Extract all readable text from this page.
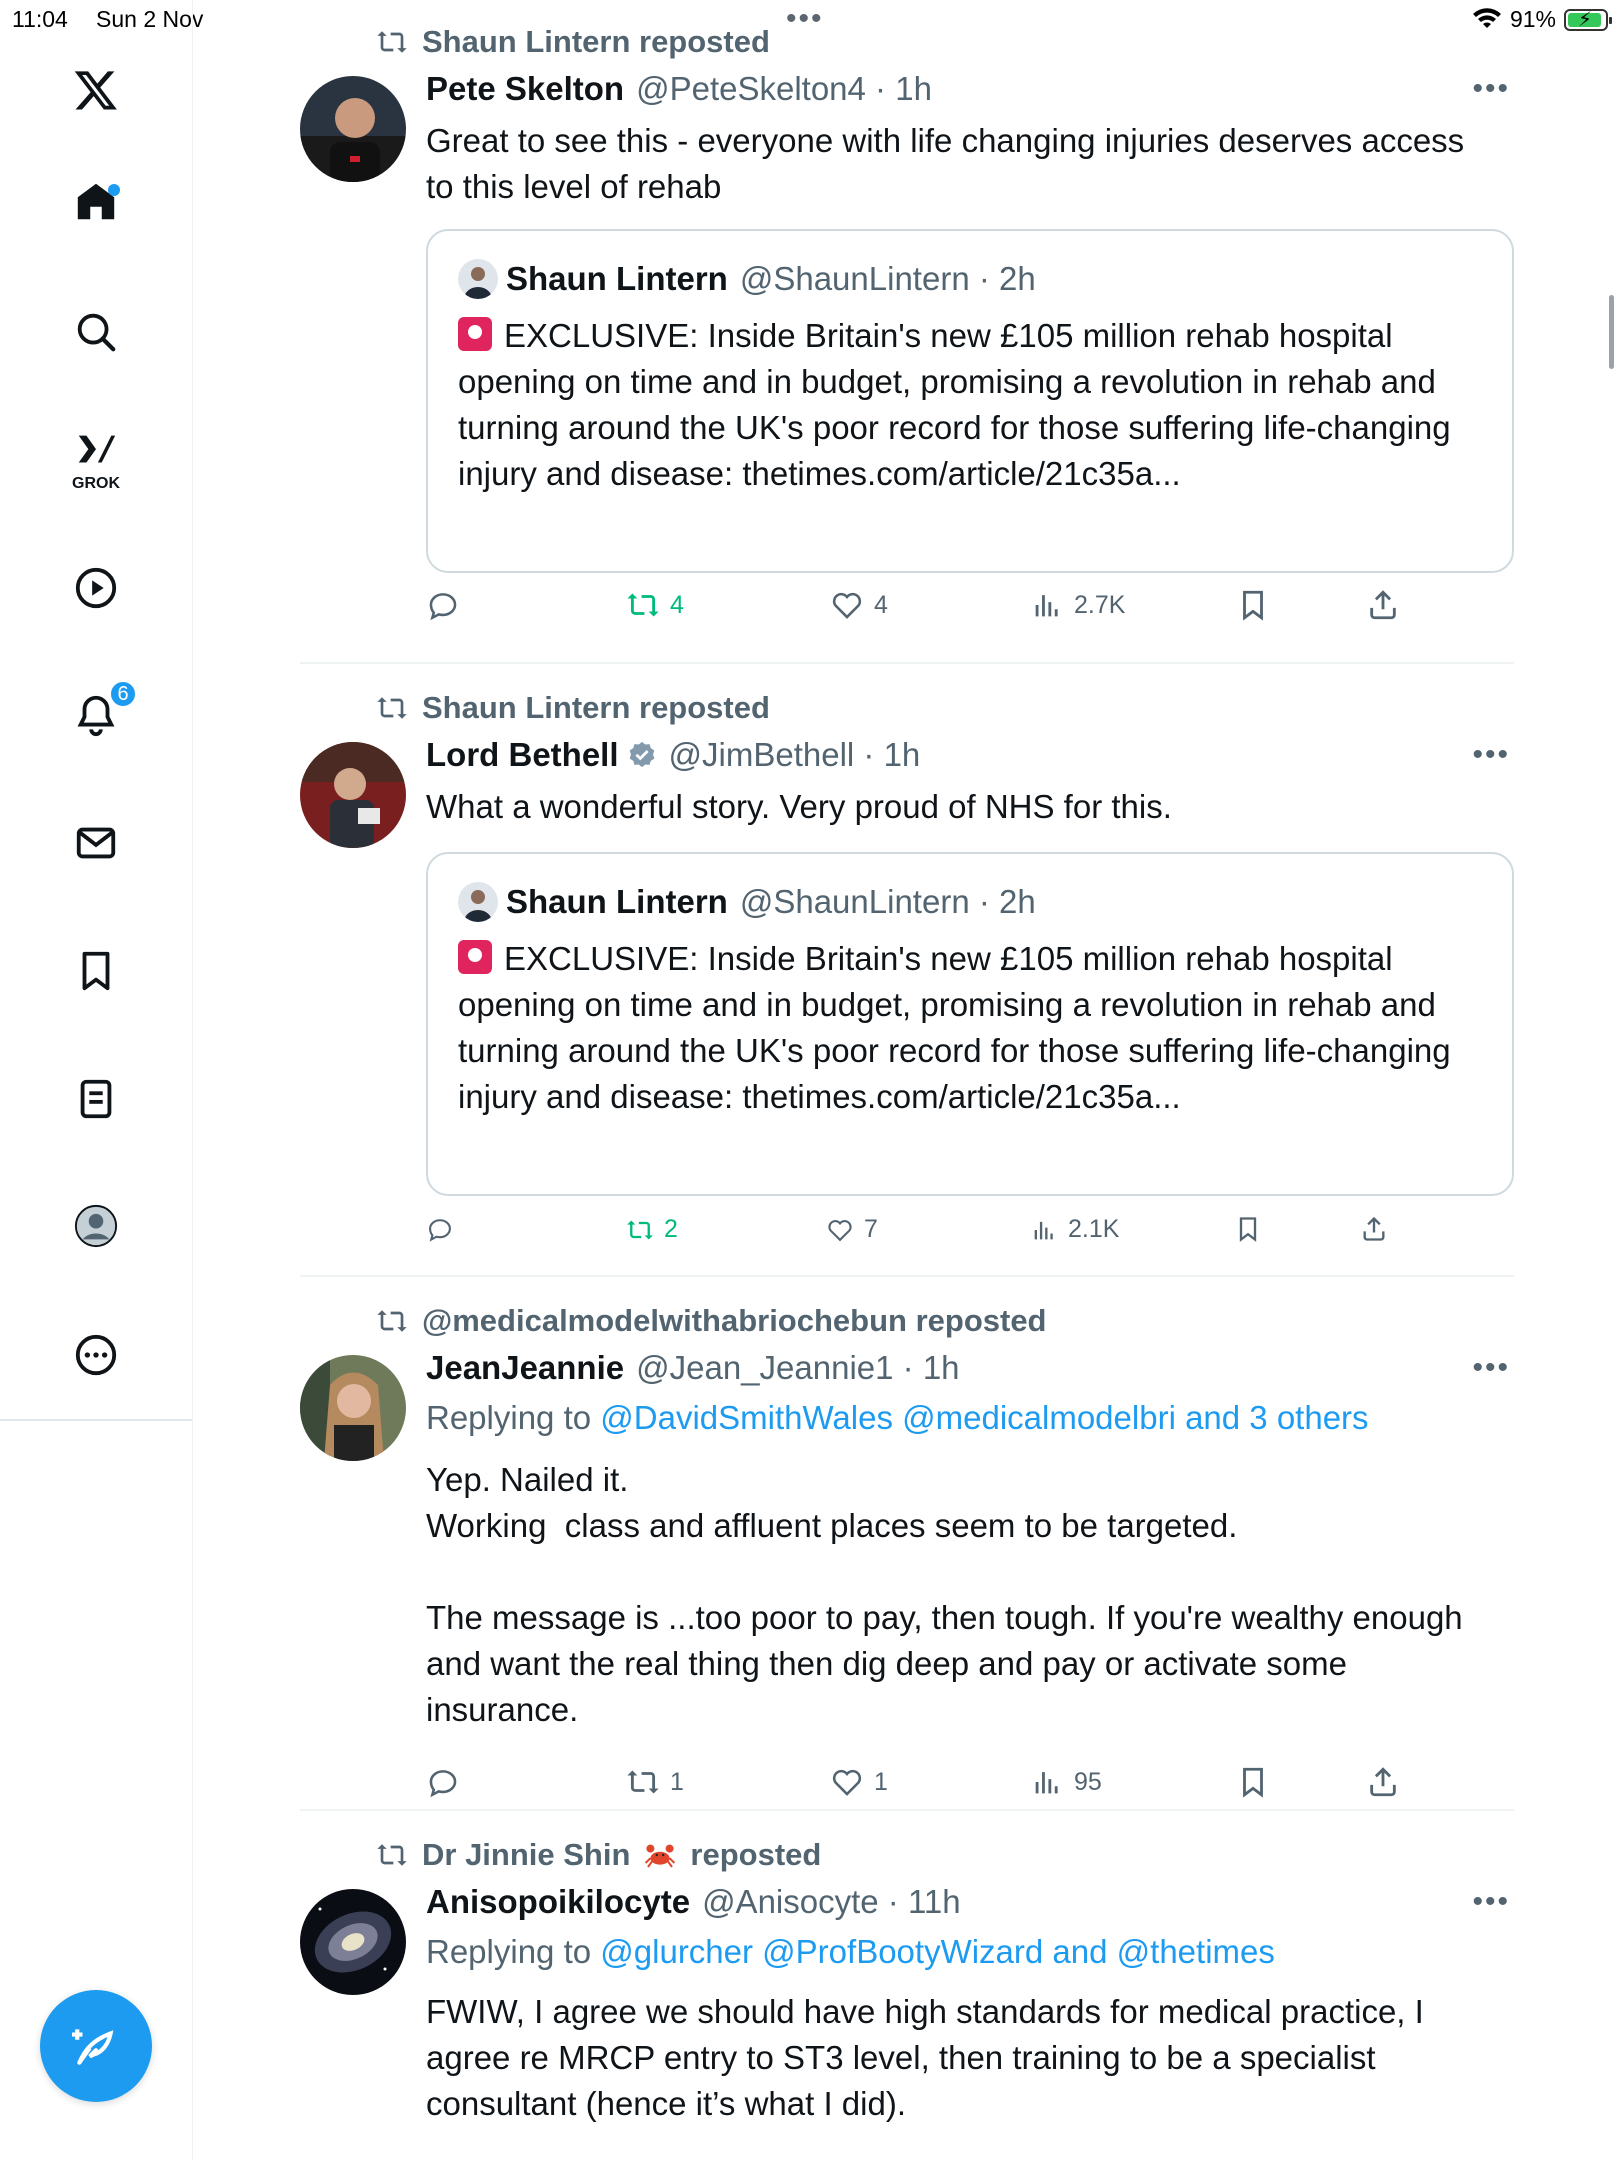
11:04 Sun 2 Nov	•••	91% ⚡
GROK
6
Shaun Lintern reposted
Pete Skelton @PeteSkelton4 · 1h	•••
Great to see this - everyone with life changing injuries deserves access to this level of rehab
Shaun Lintern @ShaunLintern · 2h
EXCLUSIVE: Inside Britain's new £105 million rehab hospital opening on time and in budget, promising a revolution in rehab and turning around the UK's poor record for those suffering life-changing injury and disease: thetimes.com/article/21c35a...
4	4	2.7K
Shaun Lintern reposted
Lord Bethell @JimBethell · 1h	•••
What a wonderful story. Very proud of NHS for this.
Shaun Lintern @ShaunLintern · 2h
EXCLUSIVE: Inside Britain's new £105 million rehab hospital opening on time and in budget, promising a revolution in rehab and turning around the UK's poor record for those suffering life-changing injury and disease: thetimes.com/article/21c35a...
2	7	2.1K
@medicalmodelwithabriochebun reposted
JeanJeannie @Jean_Jeannie1 · 1h	•••
Replying to @DavidSmithWales @medicalmodelbri and 3 others
Yep. Nailed it.
Working  class and affluent places seem to be targeted.

The message is ...too poor to pay, then tough. If you're wealthy enough and want the real thing then dig deep and pay or activate some insurance.
1	1	95
Dr Jinnie Shin reposted
Anisopoikilocyte @Anisocyte · 11h	•••
Replying to @glurcher @ProfBootyWizard and @thetimes
FWIW, I agree we should have high standards for medical practice, I agree re MRCP entry to ST3 level, then training to be a specialist consultant (hence it’s what I did).
